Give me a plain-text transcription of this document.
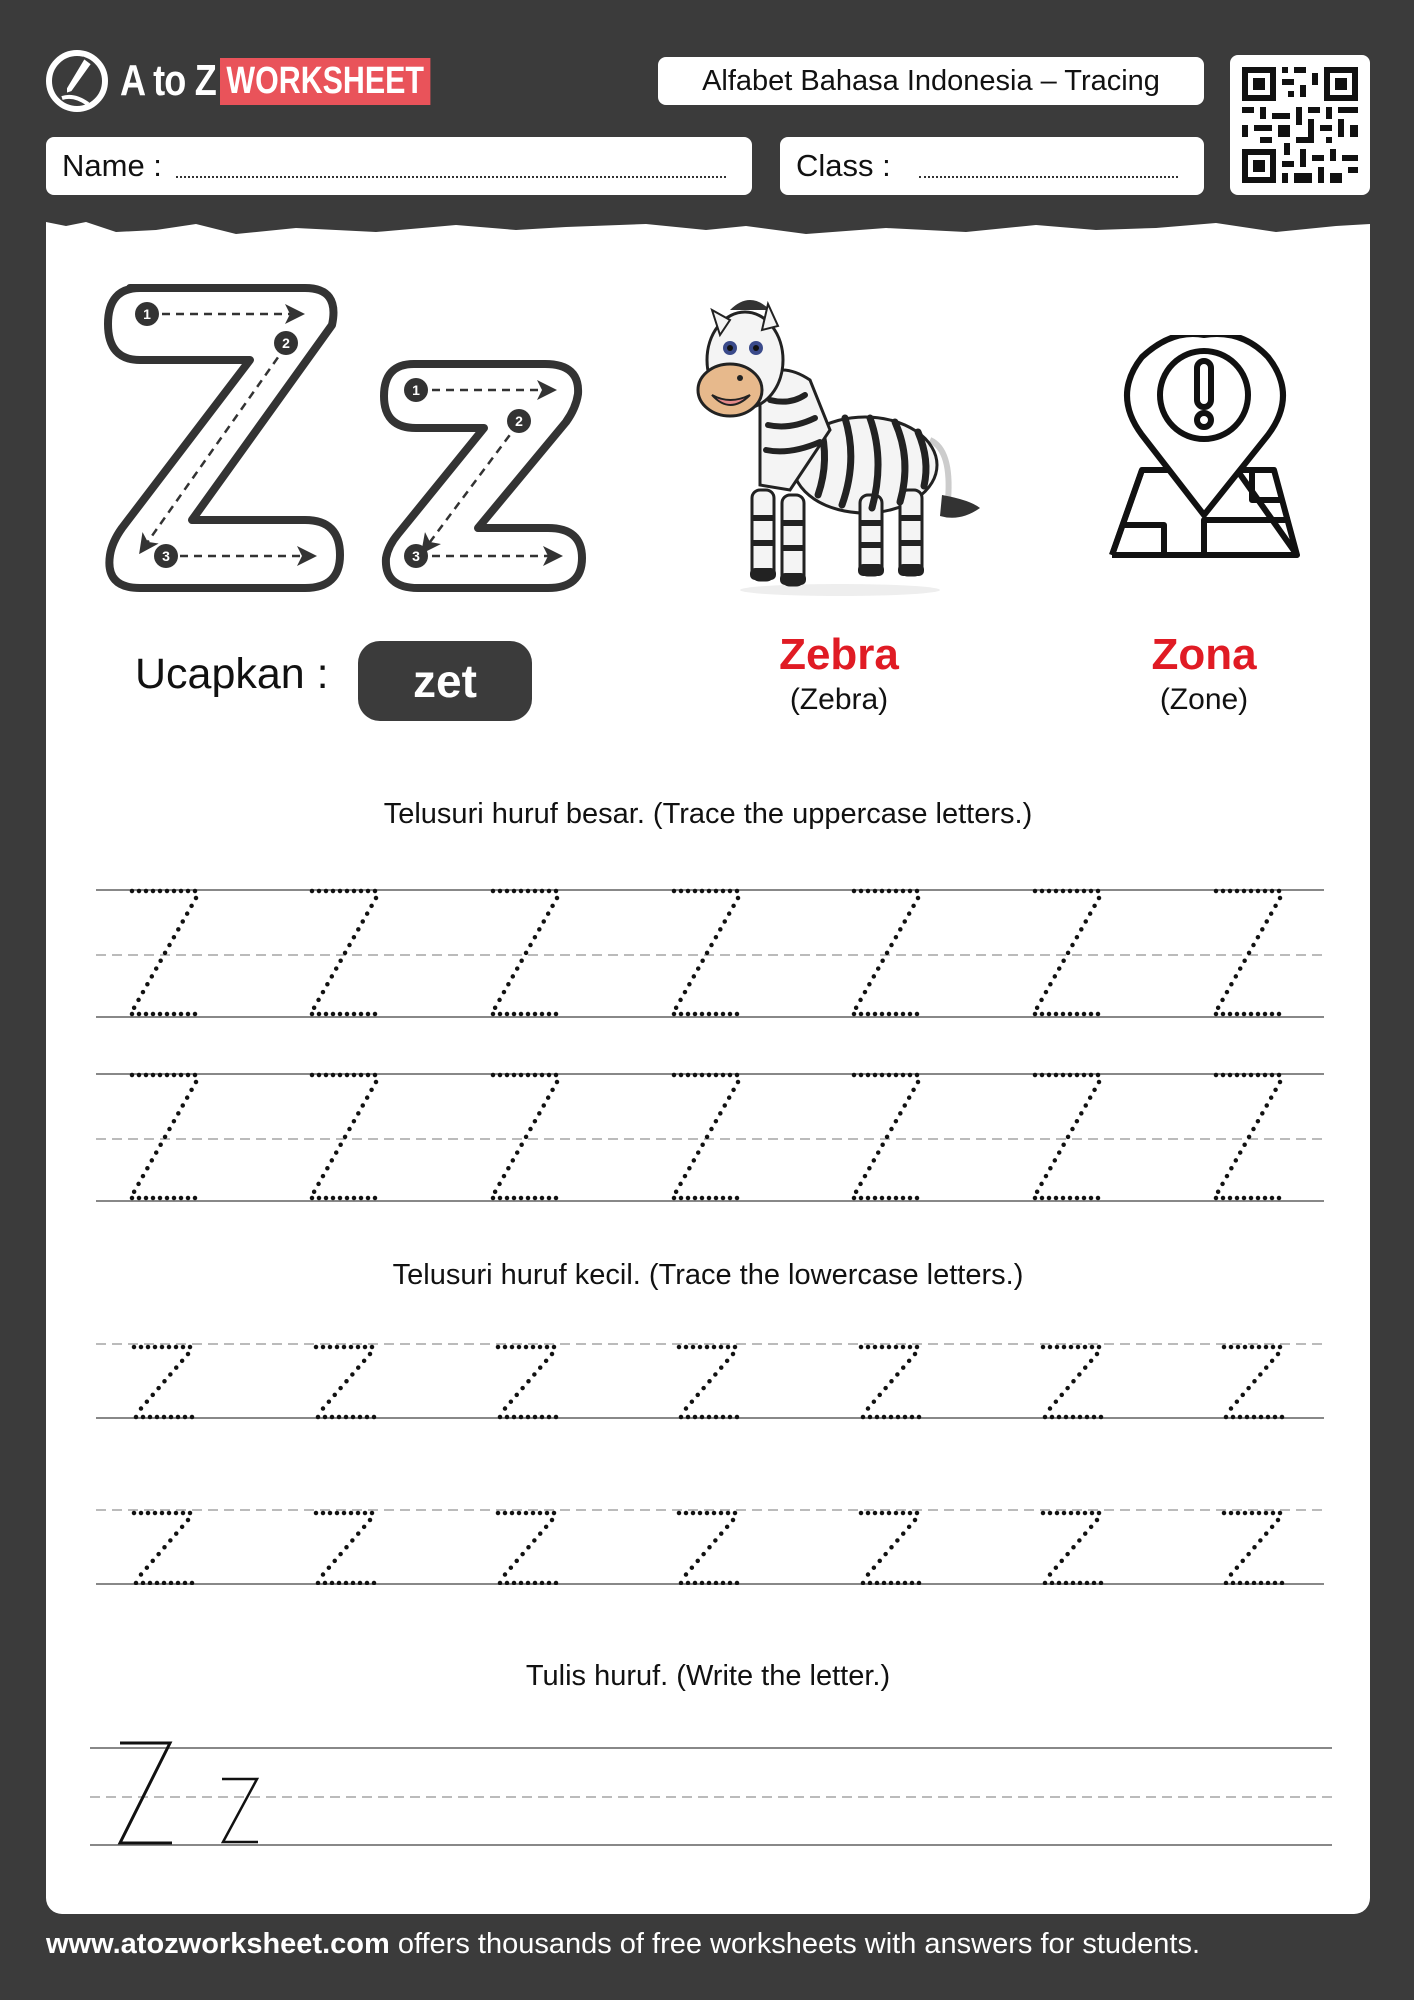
A to Z WORKSHEET	Alfabet Bahasa Indonesia – Tracing
Name :	Class :
1
2
3
1
2
3
Ucapkan :	zet
Zebra
(Zebra)
Zona
(Zone)
Telusuri huruf besar. (Trace the uppercase letters.)
Telusuri huruf kecil. (Trace the lowercase letters.)
Tulis huruf. (Write the letter.)
www.atozworksheet.com offers thousands of free worksheets with answers for students.
